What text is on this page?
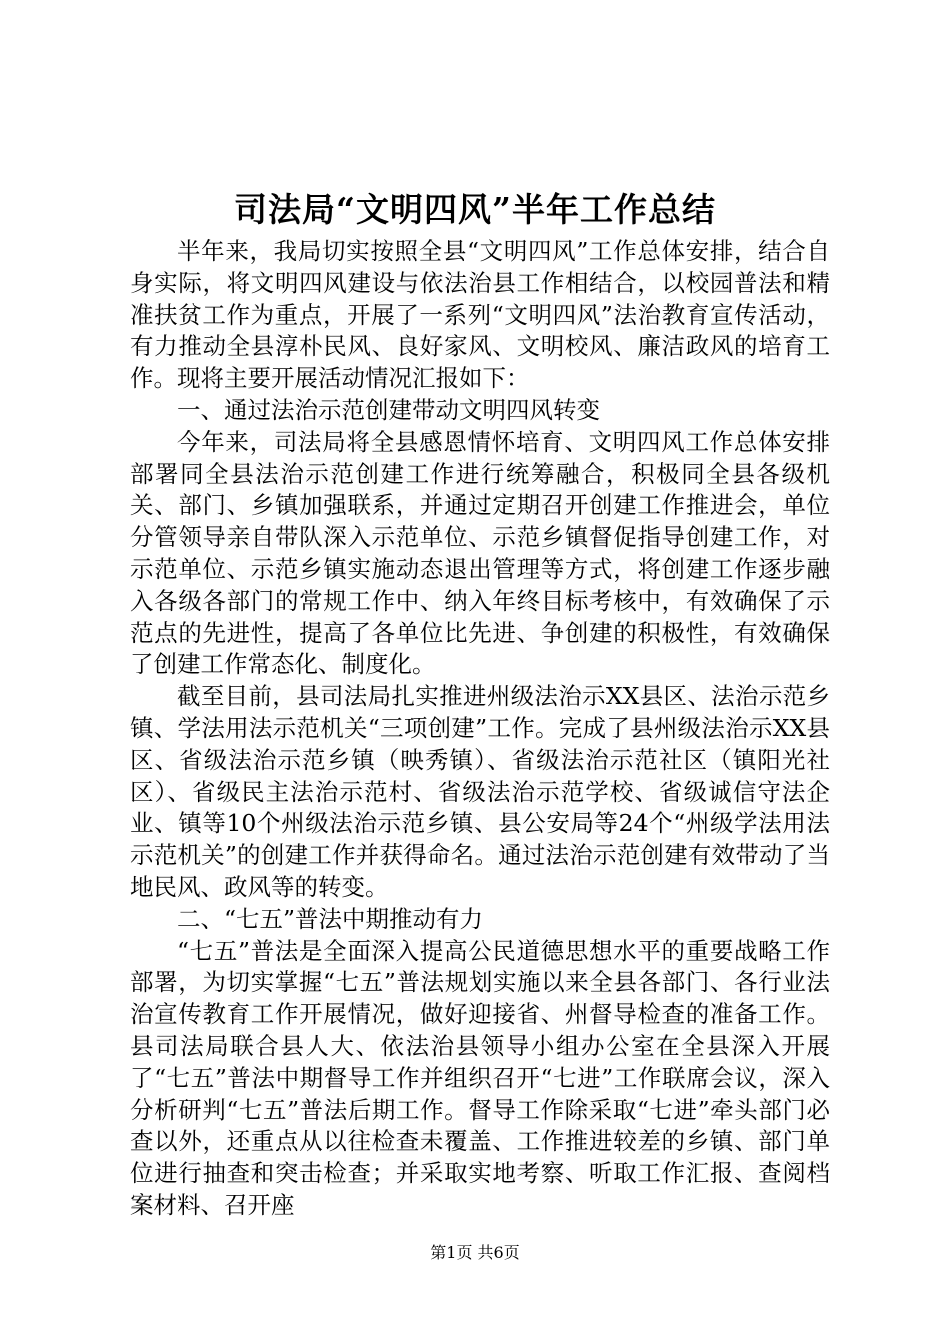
司法局“文明四风”半年工作总结

半年来，我局切实按照全县“文明四风”工作总体安排，结合自身实际，将文明四风建设与依法治县工作相结合，以校园普法和精准扶贫工作为重点，开展了一系列“文明四风”法治教育宣传活动，有力推动全县淳朴民风、良好家风、文明校风、廉洁政风的培育工作。现将主要开展活动情况汇报如下：

一、通过法治示范创建带动文明四风转变

今年来，司法局将全县感恩情怀培育、文明四风工作总体安排部署同全县法治示范创建工作进行统筹融合，积极同全县各级机关、部门、乡镇加强联系，并通过定期召开创建工作推进会，单位分管领导亲自带队深入示范单位、示范乡镇督促指导创建工作，对示范单位、示范乡镇实施动态退出管理等方式，将创建工作逐步融入各级各部门的常规工作中、纳入年终目标考核中，有效确保了示范点的先进性，提高了各单位比先进、争创建的积极性，有效确保了创建工作常态化、制度化。

截至目前，县司法局扎实推进州级法治示XX县区、法治示范乡镇、学法用法示范机关“三项创建”工作。完成了县州级法治示XX县区、省级法治示范乡镇（映秀镇）、省级法治示范社区（镇阳光社区）、省级民主法治示范村、省级法治示范学校、省级诚信守法企业、镇等10个州级法治示范乡镇、县公安局等24个“州级学法用法示范机关”的创建工作并获得命名。通过法治示范创建有效带动了当地民风、政风等的转变。

二、“七五”普法中期推动有力

“七五”普法是全面深入提高公民道德思想水平的重要战略工作部署，为切实掌握“七五”普法规划实施以来全县各部门、各行业法治宣传教育工作开展情况，做好迎接省、州督导检查的准备工作。县司法局联合县人大、依法治县领导小组办公室在全县深入开展了“七五”普法中期督导工作并组织召开“七进”工作联席会议，深入分析研判“七五”普法后期工作。督导工作除采取“七进”牵头部门必查以外，还重点从以往检查未覆盖、工作推进较差的乡镇、部门单位进行抽查和突击检查；并采取实地考察、听取工作汇报、查阅档案材料、召开座

第1页 共6页
